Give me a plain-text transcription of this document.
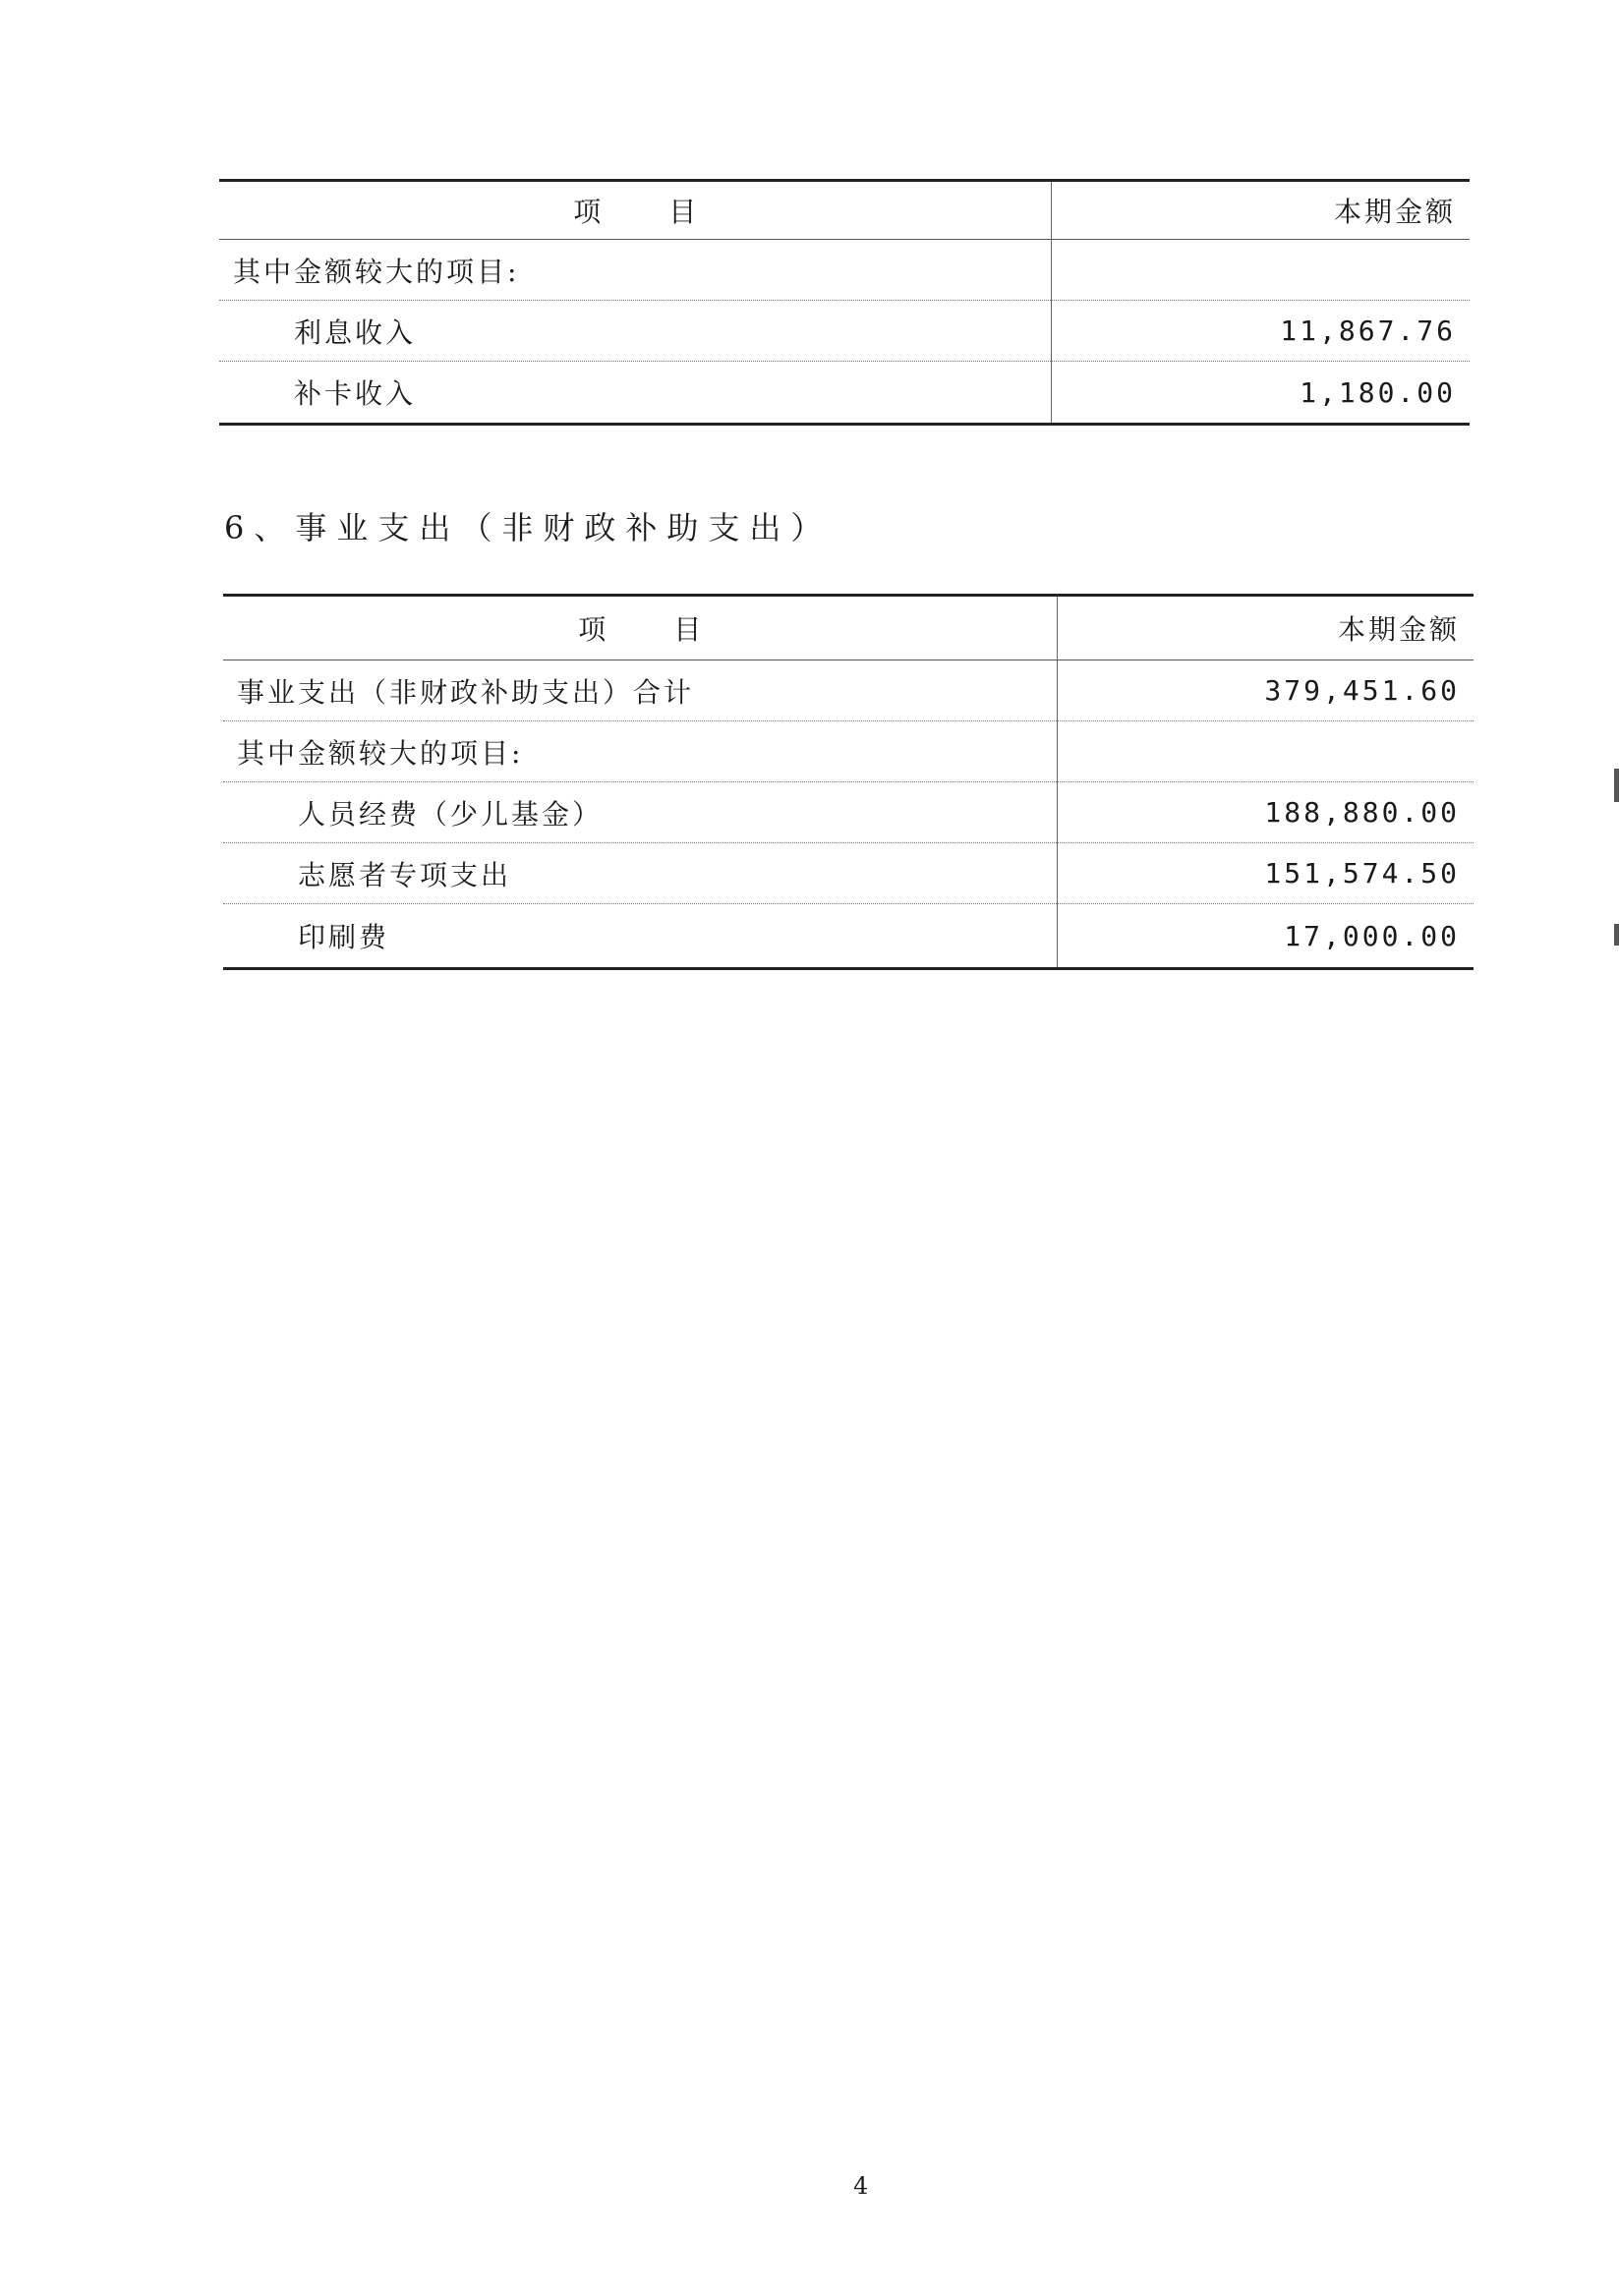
项 目	本期金额
其中金额较大的项目:	
利息收入	11,867.76
补卡收入	1,180.00
6、事业支出（非财政补助支出）
项 目	本期金额
事业支出（非财政补助支出）合计	379,451.60
其中金额较大的项目:	
人员经费（少儿基金）	188,880.00
志愿者专项支出	151,574.50
印刷费	17,000.00
4
